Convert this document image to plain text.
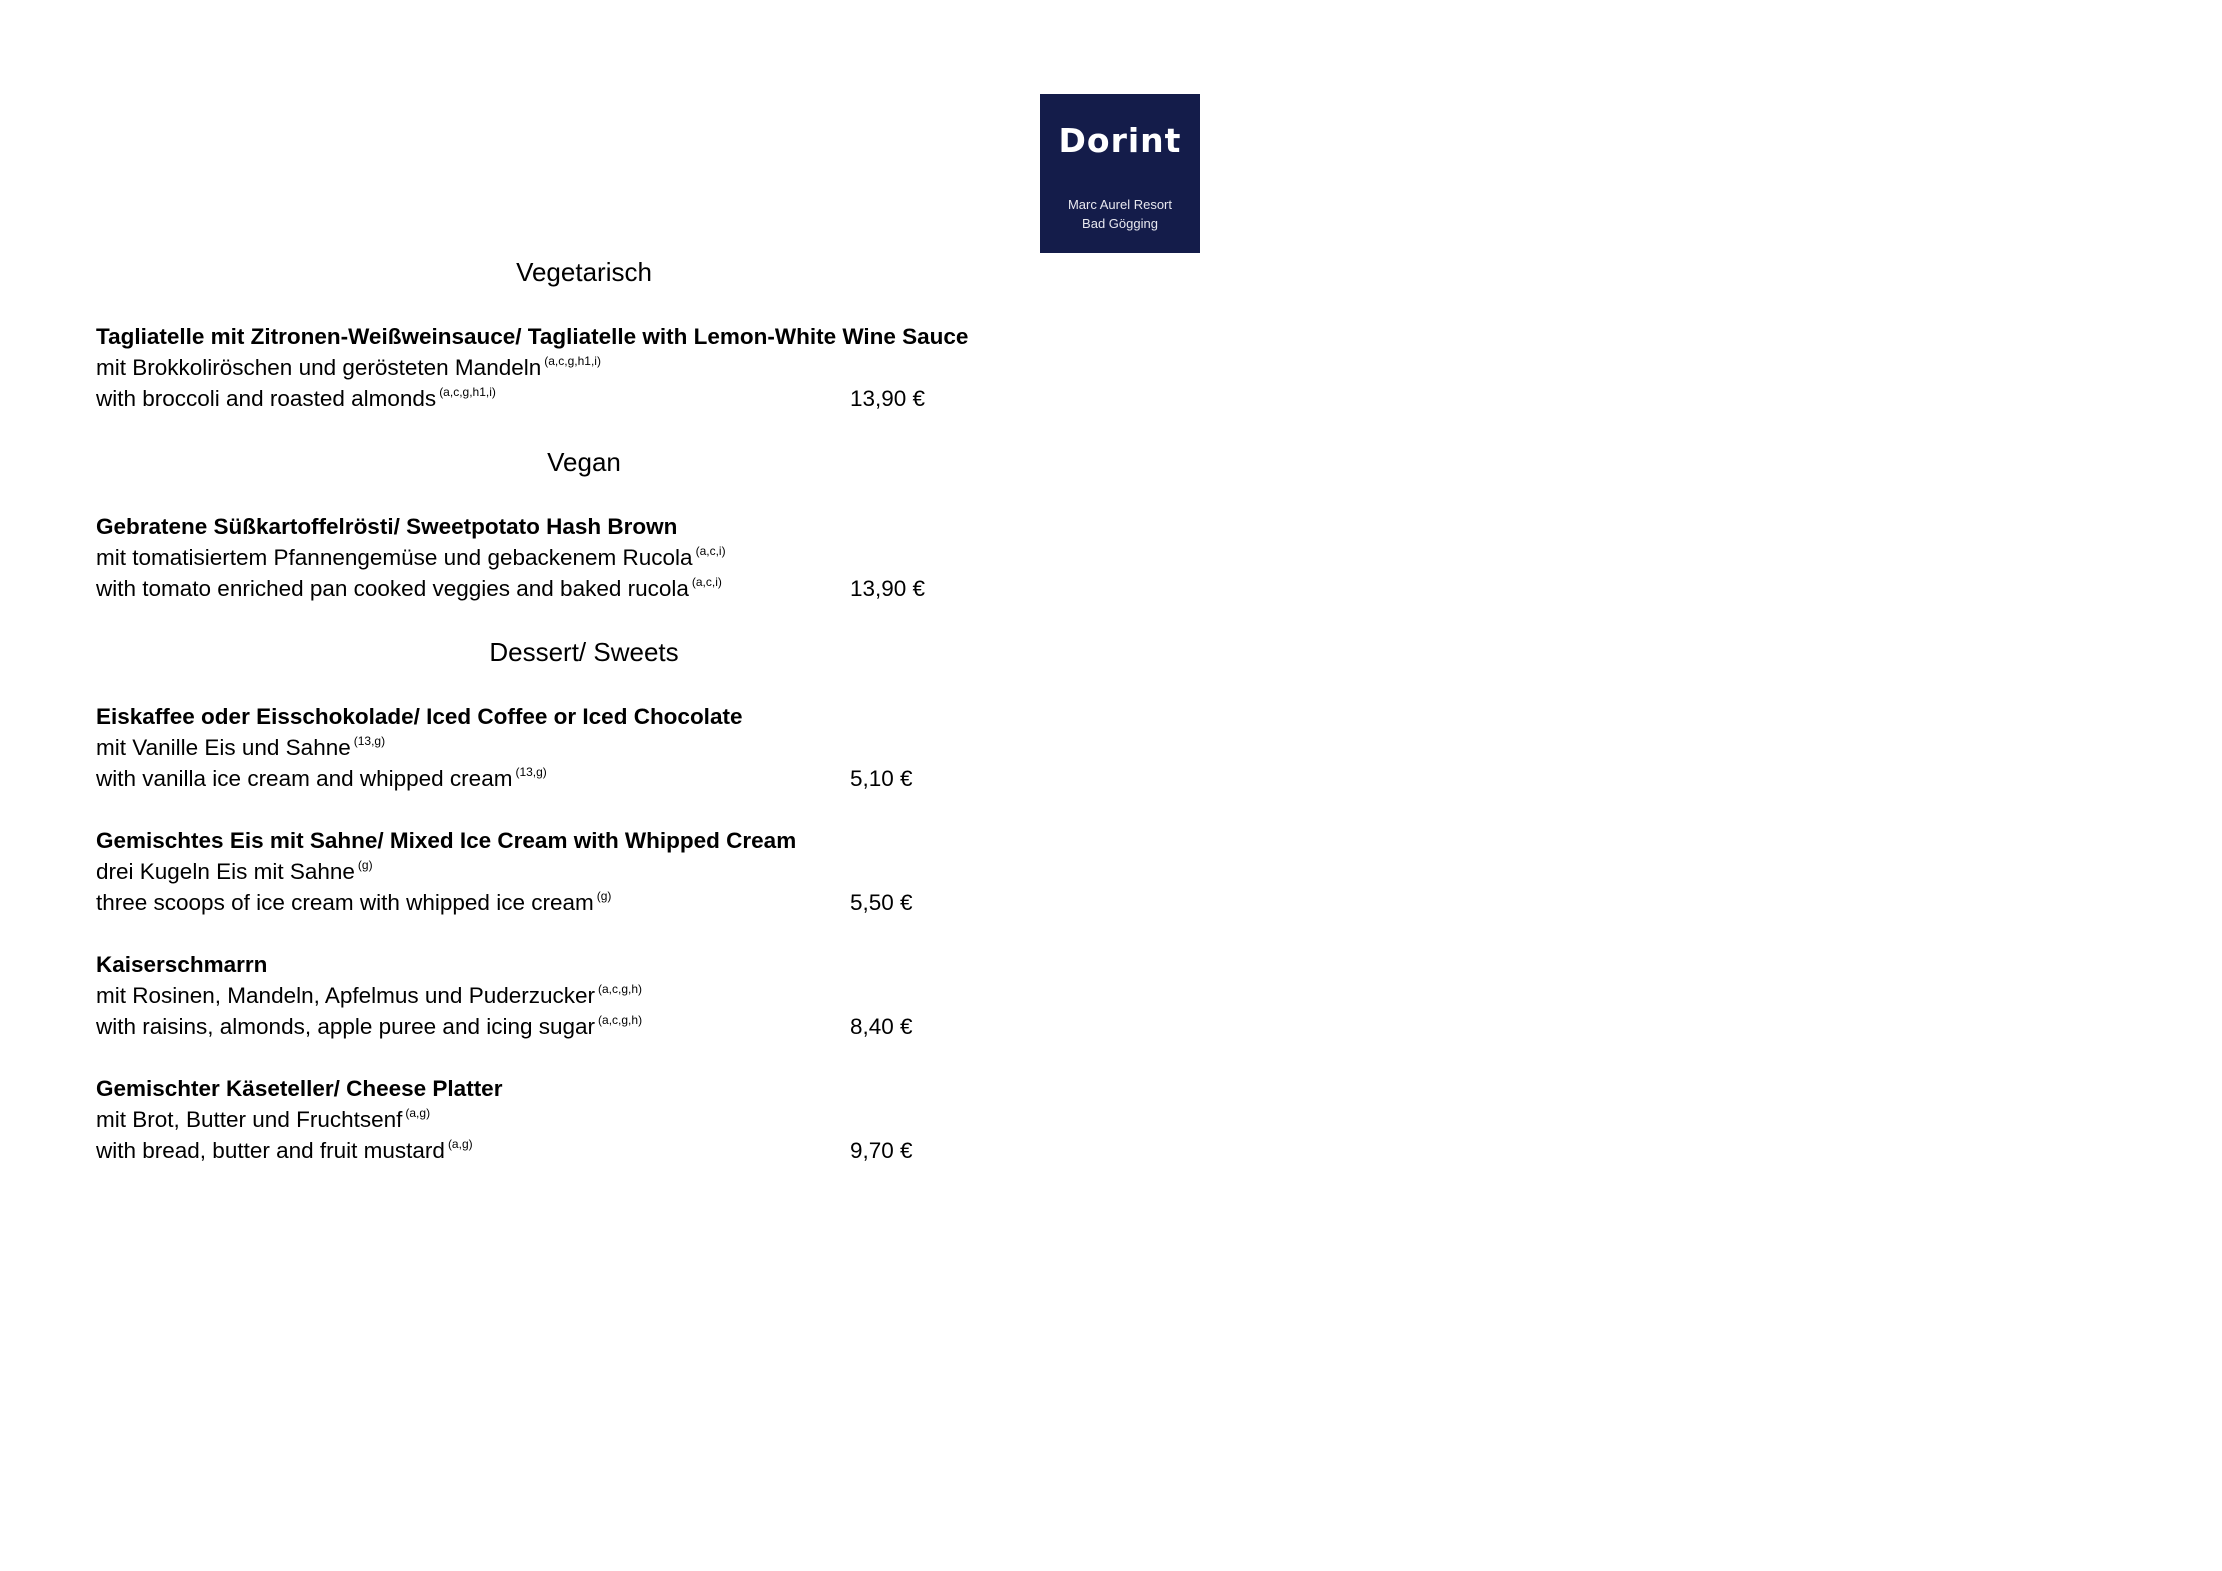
Dorint
Marc Aurel Resort
Bad Gögging
Vegetarisch
Tagliatelle mit Zitronen-Weißweinsauce/ Tagliatelle with Lemon-White Wine Sauce
mit Brokkoliröschen und gerösteten Mandeln $^{(a,c,g,h1,i)}$
with broccoli and roasted almonds $^{(a,c,g,h1,i)}$	13,90 €
Vegan
Gebratene Süßkartoffelrösti/ Sweetpotato Hash Brown
mit tomatisiertem Pfannengemüse und gebackenem Rucola $^{(a,c,i)}$
with tomato enriched pan cooked veggies and baked rucola $^{(a,c,i)}$	13,90 €
Dessert/ Sweets
Eiskaffee oder Eisschokolade/ Iced Coffee or Iced Chocolate
mit Vanille Eis und Sahne $^{(13,g)}$
with vanilla ice cream and whipped cream $^{(13,g)}$	5,10 €
Gemischtes Eis mit Sahne/ Mixed Ice Cream with Whipped Cream
drei Kugeln Eis mit Sahne $^{(g)}$
three scoops of ice cream with whipped ice cream $^{(g)}$	5,50 €
Kaiserschmarrn
mit Rosinen, Mandeln, Apfelmus und Puderzucker $^{(a,c,g,h)}$
with raisins, almonds, apple puree and icing sugar $^{(a,c,g,h)}$	8,40 €
Gemischter Käseteller/ Cheese Platter
mit Brot, Butter und Fruchtsenf $^{(a,g)}$
with bread, butter and fruit mustard $^{(a,g)}$	9,70 €
